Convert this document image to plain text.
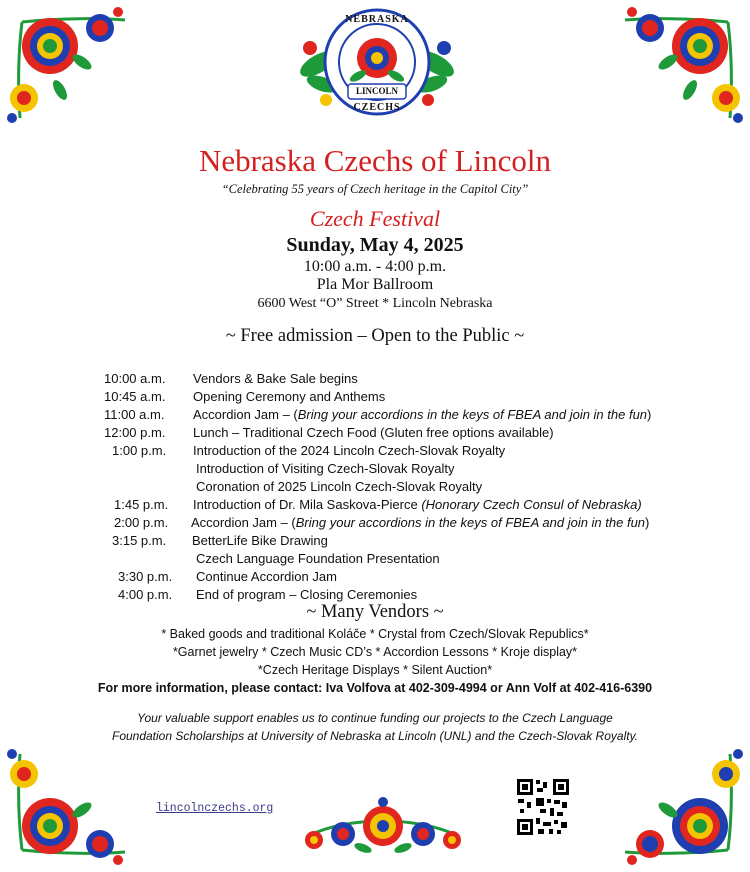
NEBRASKA
LINCOLN
CZECHS
Nebraska Czechs of Lincoln
“Celebrating 55 years of Czech heritage in the Capitol City”
Czech Festival
Sunday, May 4, 2025
10:00 a.m. - 4:00 p.m.
Pla Mor Ballroom
6600 West “O” Street * Lincoln Nebraska
~ Free admission – Open to the Public ~
10:00 a.m. Vendors & Bake Sale begins
10:45 a.m. Opening Ceremony and Anthems
11:00 a.m. Accordion Jam – (Bring your accordions in the keys of FBEA and join in the fun)
12:00 p.m. Lunch – Traditional Czech Food (Gluten free options available)
1:00 p.m. Introduction of the 2024 Lincoln Czech-Slovak Royalty
Introduction of Visiting Czech-Slovak Royalty
Coronation of 2025 Lincoln Czech-Slovak Royalty
1:45 p.m. Introduction of Dr. Mila Saskova-Pierce (Honorary Czech Consul of Nebraska)
2:00 p.m. Accordion Jam – (Bring your accordions in the keys of FBEA and join in the fun)
3:15 p.m. BetterLife Bike Drawing
Czech Language Foundation Presentation
3:30 p.m. Continue Accordion Jam
4:00 p.m. End of program – Closing Ceremonies
~ Many Vendors ~
* Baked goods and traditional Koláče * Crystal from Czech/Slovak Republics*
*Garnet jewelry * Czech Music CD’s * Accordion Lessons * Kroje display*
*Czech Heritage Displays * Silent Auction*
For more information, please contact: Iva Volfova at 402-309-4994 or Ann Volf at 402-416-6390
Your valuable support enables us to continue funding our projects to the Czech Language
Foundation Scholarships at University of Nebraska at Lincoln (UNL) and the Czech-Slovak Royalty.
lincolnczechs.org
